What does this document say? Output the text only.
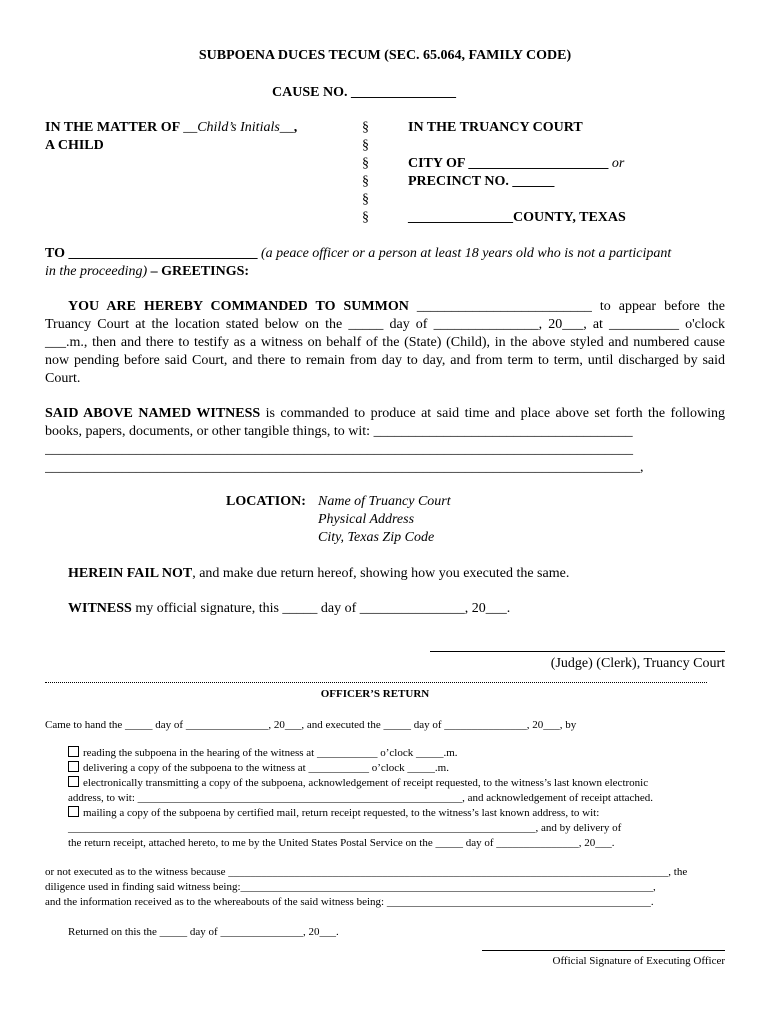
SUBPOENA DUCES TECUM (SEC. 65.064, FAMILY CODE)
CAUSE NO. _______________
IN THE MATTER OF __Child’s Initials__,
A CHILD
§
§
§
§
§
§
IN THE TRUANCY COURT
CITY OF ____________________ or
PRECINCT NO. ______
_______________COUNTY, TEXAS
TO ___________________________ (a peace officer or a person at least 18 years old who is not a participant
in the proceeding) – GREETINGS:
YOU ARE HEREBY COMMANDED TO SUMMON _________________________ to appear before the Truancy Court at the location stated below on the _____ day of _______________, 20___, at __________ o'clock ___.m., then and there to testify as a witness on behalf of the (State) (Child), in the above styled and numbered cause now pending before said Court, and there to remain from day to day, and from term to term, until discharged by said Court.
SAID ABOVE NAMED WITNESS is commanded to produce at said time and place above set forth the following books, papers, documents, or other tangible things, to wit: _____________________________________
____________________________________________________________________________________
_____________________________________________________________________________________,
LOCATION: Name of Truancy Court
Physical Address
City, Texas Zip Code
HEREIN FAIL NOT, and make due return hereof, showing how you executed the same.
WITNESS my official signature, this _____ day of _______________, 20___.
(Judge) (Clerk), Truancy Court
OFFICER’S RETURN
Came to hand the _____ day of _______________, 20___, and executed the _____ day of _______________, 20___, by
reading the subpoena in the hearing of the witness at ___________ o’clock _____.m.
delivering a copy of the subpoena to the witness at ___________ o’clock _____.m.
electronically transmitting a copy of the subpoena, acknowledgement of receipt requested, to the witness’s last known electronic
address, to wit: ___________________________________________________________, and acknowledgement of receipt attached.
mailing a copy of the subpoena by certified mail, return receipt requested, to the witness’s last known address, to wit:
_____________________________________________________________________________________, and by delivery of
the return receipt, attached hereto, to me by the United States Postal Service on the _____ day of _______________, 20___.
or not executed as to the witness because ________________________________________________________________________________, the
diligence used in finding said witness being:___________________________________________________________________________,
and the information received as to the whereabouts of the said witness being: ________________________________________________.
Returned on this the _____ day of _______________, 20___.
Official Signature of Executing Officer
